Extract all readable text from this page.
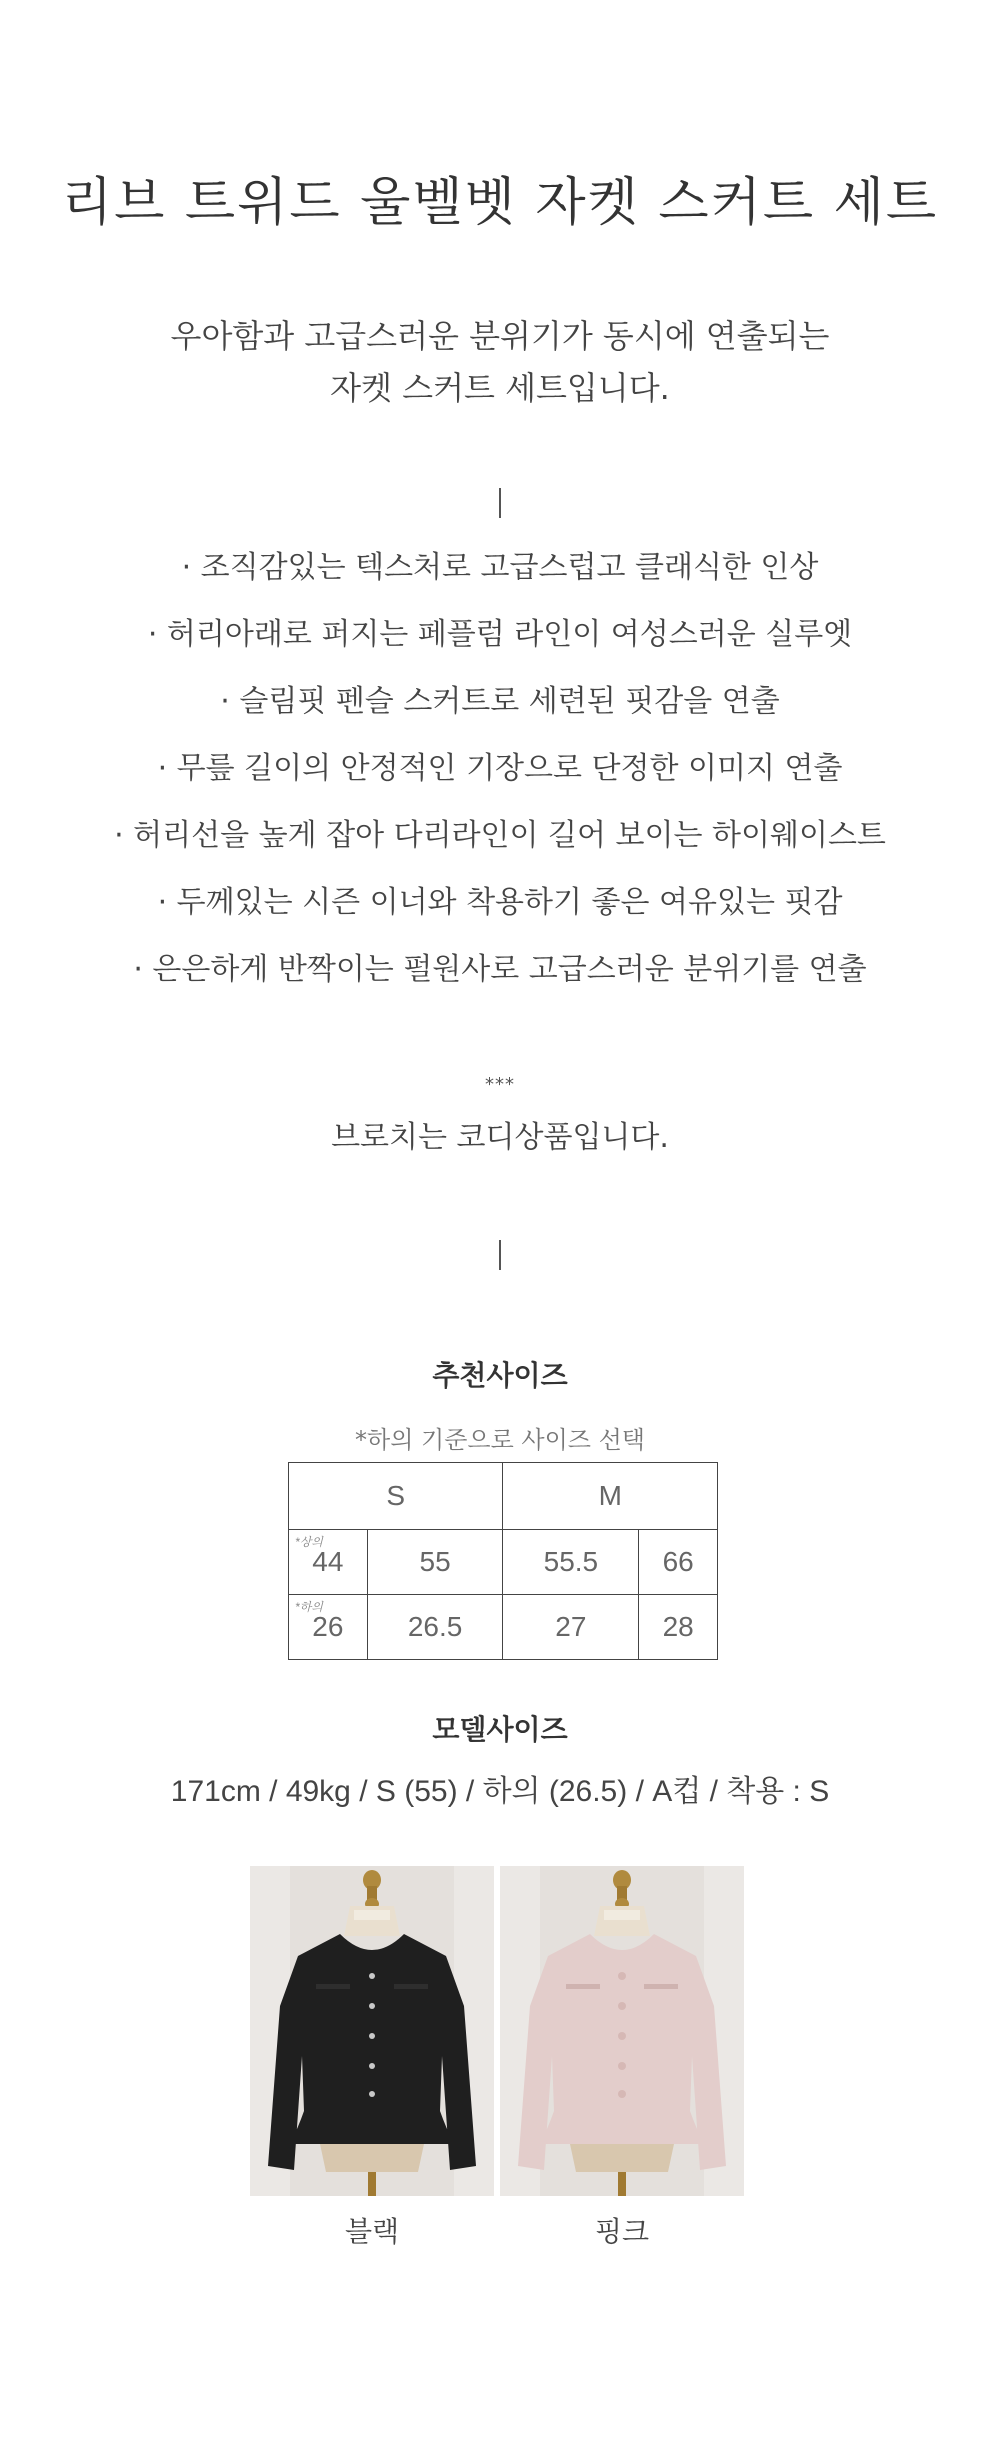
리브 트위드 울벨벳 자켓 스커트 세트
우아함과 고급스러운 분위기가 동시에 연출되는
자켓 스커트 세트입니다.
· 조직감있는 텍스처로 고급스럽고 클래식한 인상
· 허리아래로 퍼지는 페플럼 라인이 여성스러운 실루엣
· 슬림핏 펜슬 스커트로 세련된 핏감을 연출
· 무릎 길이의 안정적인 기장으로 단정한 이미지 연출
· 허리선을 높게 잡아 다리라인이 길어 보이는 하이웨이스트
· 두께있는 시즌 이너와 착용하기 좋은 여유있는 핏감
· 은은하게 반짝이는 펄원사로 고급스러운 분위기를 연출
***
브로치는 코디상품입니다.
추천사이즈
*하의 기준으로 사이즈 선택
S		M	

*상의
44	55	55.5	66

*하의
26	26.5	27	28
모델사이즈
171cm / 49kg / S (55) / 하의 (26.5) / A컵 / 착용 : S
블랙	핑크
